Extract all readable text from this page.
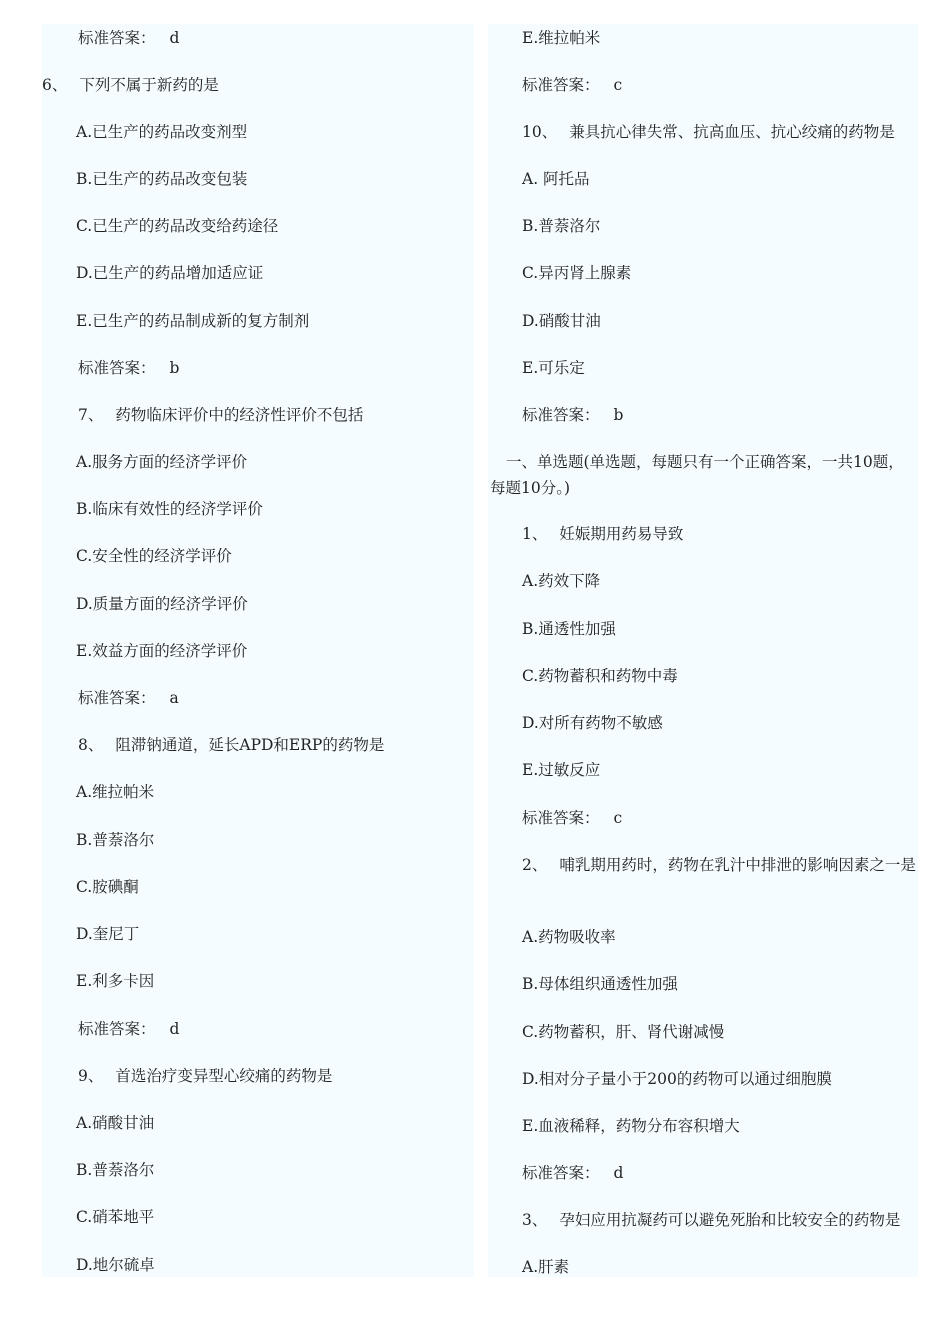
标准答案： d
6、 下列不属于新药的是
A.已生产的药品改变剂型
B.已生产的药品改变包装
C.已生产的药品改变给药途径
D.已生产的药品增加适应证
E.已生产的药品制成新的复方制剂
标准答案： b
7、 药物临床评价中的经济性评价不包括
A.服务方面的经济学评价
B.临床有效性的经济学评价
C.安全性的经济学评价
D.质量方面的经济学评价
E.效益方面的经济学评价
标准答案： a
8、 阻滞钠通道，延长APD和ERP的药物是
A.维拉帕米
B.普萘洛尔
C.胺碘酮
D.奎尼丁
E.利多卡因
标准答案： d
9、 首选治疗变异型心绞痛的药物是
A.硝酸甘油
B.普萘洛尔
C.硝苯地平
D.地尔硫卓
E.维拉帕米
标准答案： c
10、 兼具抗心律失常、抗高血压、抗心绞痛的药物是
A. 阿托品
B.普萘洛尔
C.异丙肾上腺素
D.硝酸甘油
E.可乐定
标准答案： b
一、单选题(单选题，每题只有一个正确答案，一共10题，每题10分。)
1、 妊娠期用药易导致
A.药效下降
B.通透性加强
C.药物蓄积和药物中毒
D.对所有药物不敏感
E.过敏反应
标准答案： c
2、 哺乳期用药时，药物在乳汁中排泄的影响因素之一是
A.药物吸收率
B.母体组织通透性加强
C.药物蓄积，肝、肾代谢减慢
D.相对分子量小于200的药物可以通过细胞膜
E.血液稀释，药物分布容积增大
标准答案： d
3、 孕妇应用抗凝药可以避免死胎和比较安全的药物是
A.肝素
